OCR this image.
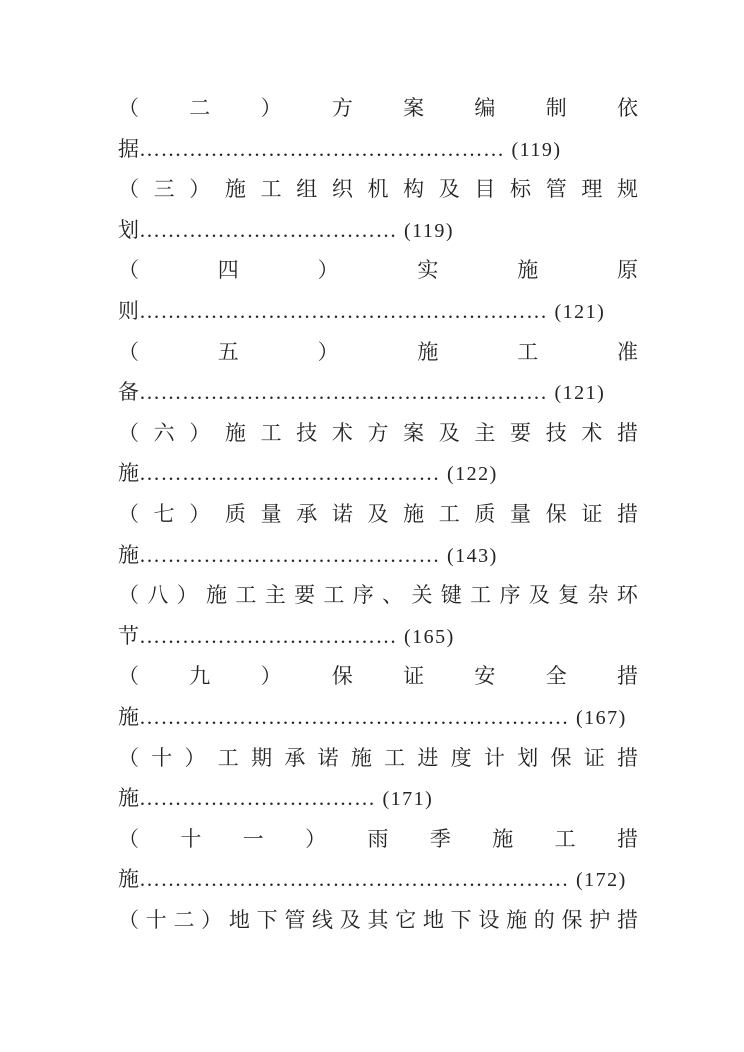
（ 二 ） 方 案 编 制 依
据…………………………………………… (119)
（ 三 ） 施 工 组 织 机 构 及 目 标 管 理 规
划……………………………… (119)
（	四	）	实	施	原
则………………………………………………… (121)
（	五	）	施	工	准
备………………………………………………… (121)
（ 六 ） 施 工 技 术 方 案 及 主 要 技 术 措
施…………………………………… (122)
（ 七 ） 质 量 承 诺 及 施 工 质 量 保 证 措
施…………………………………… (143)
（ 八 ） 施 工 主 要 工 序 、 关 键 工 序 及 复 杂 环
节……………………………… (165)
（ 九 ） 保 证 安 全 措
施…………………………………………………… (167)
（ 十 ） 工 期 承 诺 施 工 进 度 计 划 保 证 措
施…………………………… (171)
（ 十 一 ） 雨 季 施 工 措
施…………………………………………………… (172)
（ 十 二 ） 地 下 管 线 及 其 它 地 下 设 施 的 保 护 措
